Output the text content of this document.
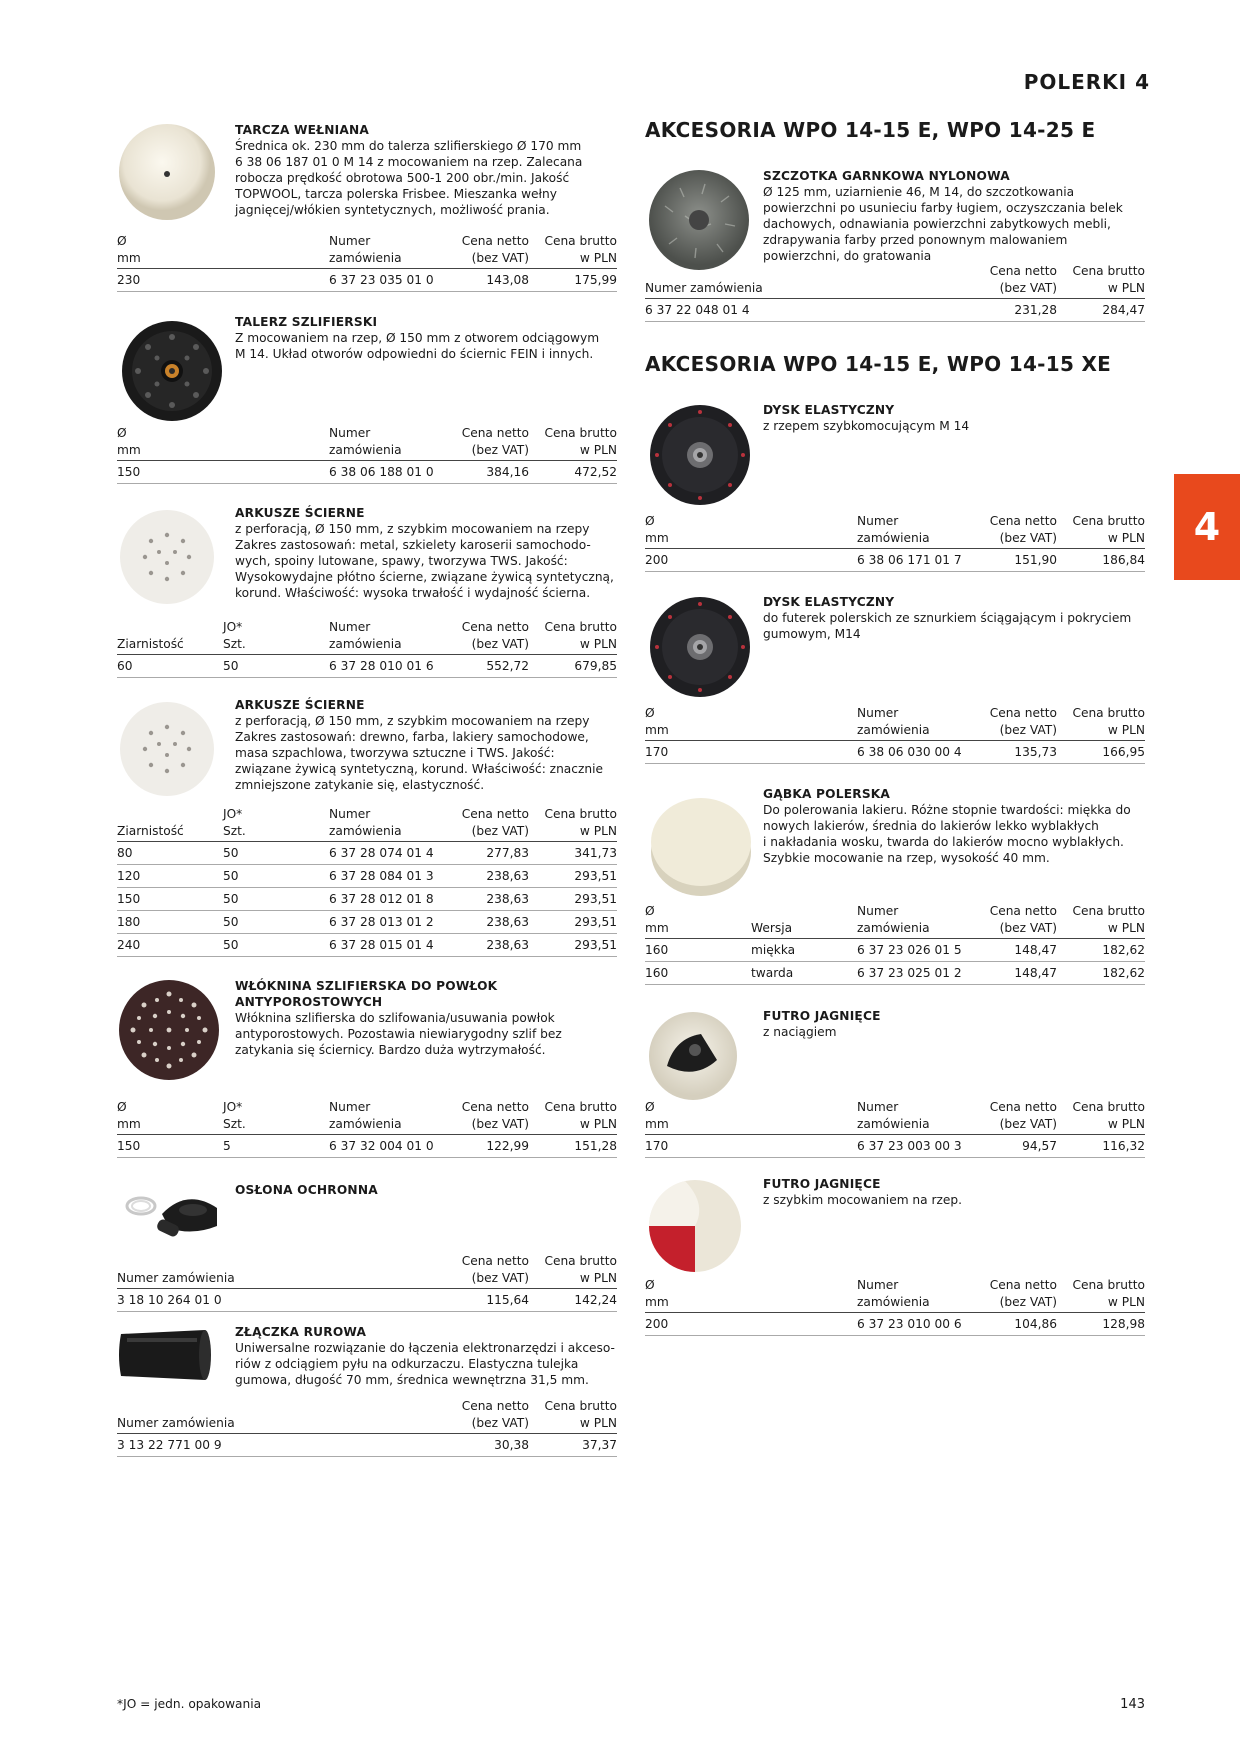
POLERKI 4
4
TARCZA WEŁNIANA
Średnica ok. 230 mm do talerza szlifierskiego Ø 170 mm
6 38 06 187 01 0 M 14 z mocowaniem na rzep. Zalecana
robocza prędkość obrotowa 500-1 200 obr./min. Jakość
TOPWOOL, tarcza polerska Frisbee. Mieszanka wełny
jagnięcej/włókien syntetycznych, możliwość prania.
Ø	Numer	Cena netto Cena brutto
mm	zamówienia	(bez VAT)	w PLN
230	6 37 23 035 01 0	143,08	175,99
TALERZ SZLIFIERSKI
Z mocowaniem na rzep, Ø 150 mm z otworem odciągowym
M 14. Układ otworów odpowiedni do ściernic FEIN i innych.
Ø	Numer	Cena netto Cena brutto
mm	zamówienia	(bez VAT)	w PLN
150	6 38 06 188 01 0	384,16	472,52
ARKUSZE ŚCIERNE
z perforacją, Ø 150 mm, z szybkim mocowaniem na rzepy
Zakres zastosowań: metal, szkielety karoserii samochodo-
wych, spoiny lutowane, spawy, tworzywa TWS. Jakość:
Wysokowydajne płótno ścierne, związane żywicą syntetyczną,
korund. Właściwość: wysoka trwałość i wydajność ścierna.
JO*	Numer	Cena netto Cena brutto
Ziarnistość	Szt.	zamówienia	(bez VAT)	w PLN
60	50	6 37 28 010 01 6	552,72	679,85
ARKUSZE ŚCIERNE
z perforacją, Ø 150 mm, z szybkim mocowaniem na rzepy
Zakres zastosowań: drewno, farba, lakiery samochodowe,
masa szpachlowa, tworzywa sztuczne i TWS. Jakość:
związane żywicą syntetyczną, korund. Właściwość: znacznie
zmniejszone zatykanie się, elastyczność.
JO*	Numer	Cena netto Cena brutto
Ziarnistość	Szt.	zamówienia	(bez VAT)	w PLN
80	50	6 37 28 074 01 4	277,83	341,73
120	50	6 37 28 084 01 3	238,63	293,51
150	50	6 37 28 012 01 8	238,63	293,51
180	50	6 37 28 013 01 2	238,63	293,51
240	50	6 37 28 015 01 4	238,63	293,51
WŁÓKNINA SZLIFIERSKA DO POWŁOK
ANTYPOROSTOWYCH
Włóknina szlifierska do szlifowania/usuwania powłok
antyporostowych. Pozostawia niewiarygodny szlif bez
zatykania się ściernicy. Bardzo duża wytrzymałość.
Ø	JO*	Numer	Cena netto Cena brutto
mm	Szt.	zamówienia	(bez VAT)	w PLN
150	5	6 37 32 004 01 0	122,99	151,28
OSŁONA OCHRONNA
Cena netto Cena brutto
Numer zamówienia	(bez VAT)	w PLN
3 18 10 264 01 0	115,64	142,24
ZŁĄCZKA RUROWA
Uniwersalne rozwiązanie do łączenia elektronarzędzi i akceso-
riów z odciągiem pyłu na odkurzaczu. Elastyczna tulejka
gumowa, długość 70 mm, średnica wewnętrzna 31,5 mm.
Cena netto Cena brutto
Numer zamówienia	(bez VAT)	w PLN
3 13 22 771 00 9	30,38	37,37
AKCESORIA WPO 14-15 E, WPO 14-25 E
SZCZOTKA GARNKOWA NYLONOWA
Ø 125 mm, uziarnienie 46, M 14, do szczotkowania
powierzchni po usunieciu farby ługiem, oczyszczania belek
dachowych, odnawiania powierzchni zabytkowych mebli,
zdrapywania farby przed ponownym malowaniem
powierzchni, do gratowania
Cena netto Cena brutto
Numer zamówienia	(bez VAT)	w PLN
6 37 22 048 01 4	231,28	284,47
AKCESORIA WPO 14-15 E, WPO 14-15 XE
DYSK ELASTYCZNY
z rzepem szybkomocującym M 14
Ø	Numer	Cena netto Cena brutto
mm	zamówienia	(bez VAT)	w PLN
200	6 38 06 171 01 7	151,90	186,84
DYSK ELASTYCZNY
do futerek polerskich ze sznurkiem ściągającym i pokryciem
gumowym, M14
Ø	Numer	Cena netto Cena brutto
mm	zamówienia	(bez VAT)	w PLN
170	6 38 06 030 00 4	135,73	166,95
GĄBKA POLERSKA
Do polerowania lakieru. Różne stopnie twardości: miękka do
nowych lakierów, średnia do lakierów lekko wyblakłych
i nakładania wosku, twarda do lakierów mocno wyblakłych.
Szybkie mocowanie na rzep, wysokość 40 mm.
Ø	Numer	Cena netto Cena brutto
mm	Wersja	zamówienia	(bez VAT)	w PLN
160	miękka	6 37 23 026 01 5	148,47	182,62
160	twarda	6 37 23 025 01 2	148,47	182,62
FUTRO JAGNIĘCE
z naciągiem
Ø	Numer	Cena netto Cena brutto
mm	zamówienia	(bez VAT)	w PLN
170	6 37 23 003 00 3	94,57	116,32
FUTRO JAGNIĘCE
z szybkim mocowaniem na rzep.
Ø	Numer	Cena netto Cena brutto
mm	zamówienia	(bez VAT)	w PLN
200	6 37 23 010 00 6	104,86	128,98
*JO = jedn. opakowania	143
